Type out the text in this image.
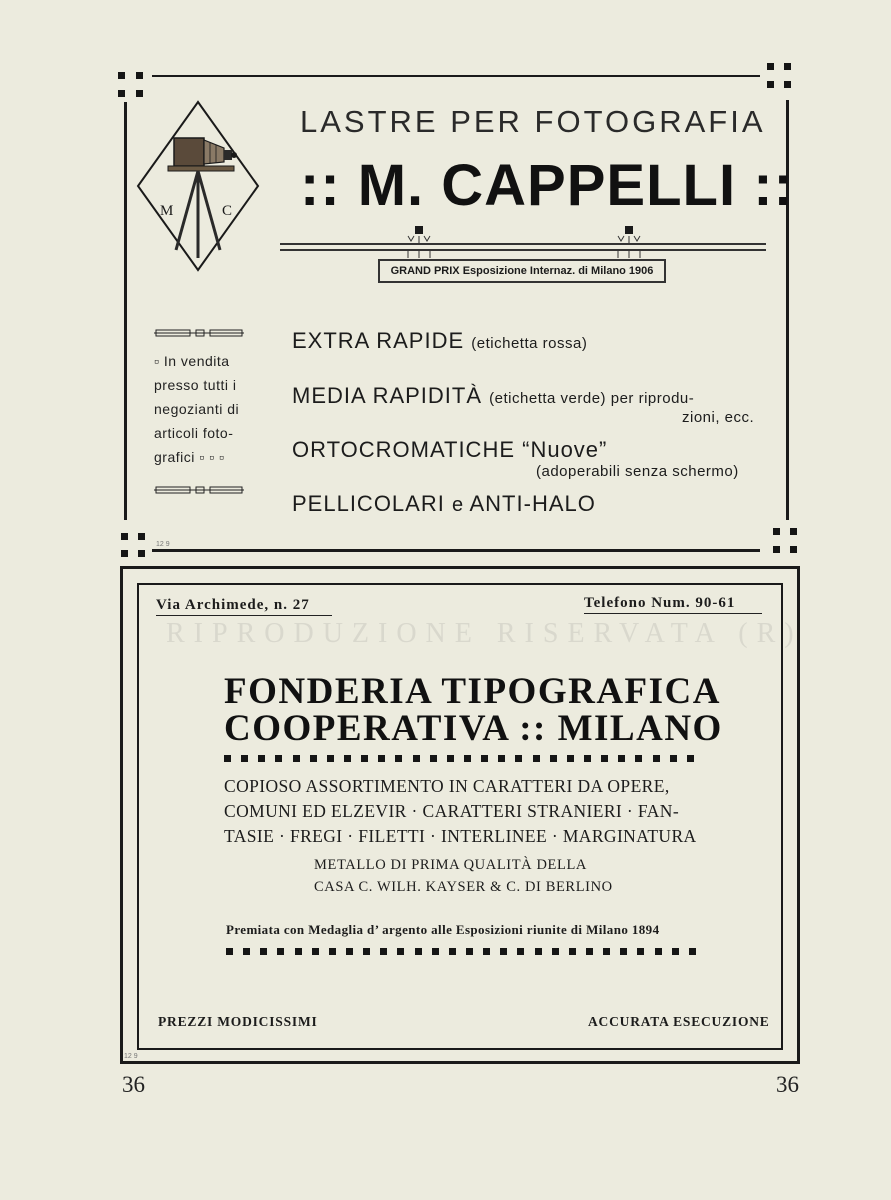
M	C
LASTRE PER FOTOGRAFIA
:: M. CAPPELLI ::
GRAND PRIX Esposizione Internaz. di Milano 1906
▫ In vendita
presso tutti i
negozianti di
articoli foto-
grafici ▫ ▫ ▫
EXTRA RAPIDE (etichetta rossa)
MEDIA RAPIDITÀ (etichetta verde) per riprodu-
zioni, ecc.
ORTOCROMATICHE “Nuove”
(adoperabili senza schermo)
PELLICOLARI e ANTI-HALO
12 9
RIPRODUZIONE RISERVATA (R)
Via Archimede, n. 27	Telefono Num. 90-61
FONDERIA TIPOGRAFICA
COOPERATIVA :: MILANO
COPIOSO ASSORTIMENTO IN CARATTERI DA OPERE,
COMUNI ED ELZEVIR · CARATTERI STRANIERI · FAN-
TASIE · FREGI · FILETTI · INTERLINEE · MARGINATURA
METALLO DI PRIMA QUALITÀ DELLA
CASA C. WILH. KAYSER & C. DI BERLINO
Premiata con Medaglia d’ argento alle Esposizioni riunite di Milano 1894
PREZZI MODICISSIMI	ACCURATA ESECUZIONE
12 9
36	36
